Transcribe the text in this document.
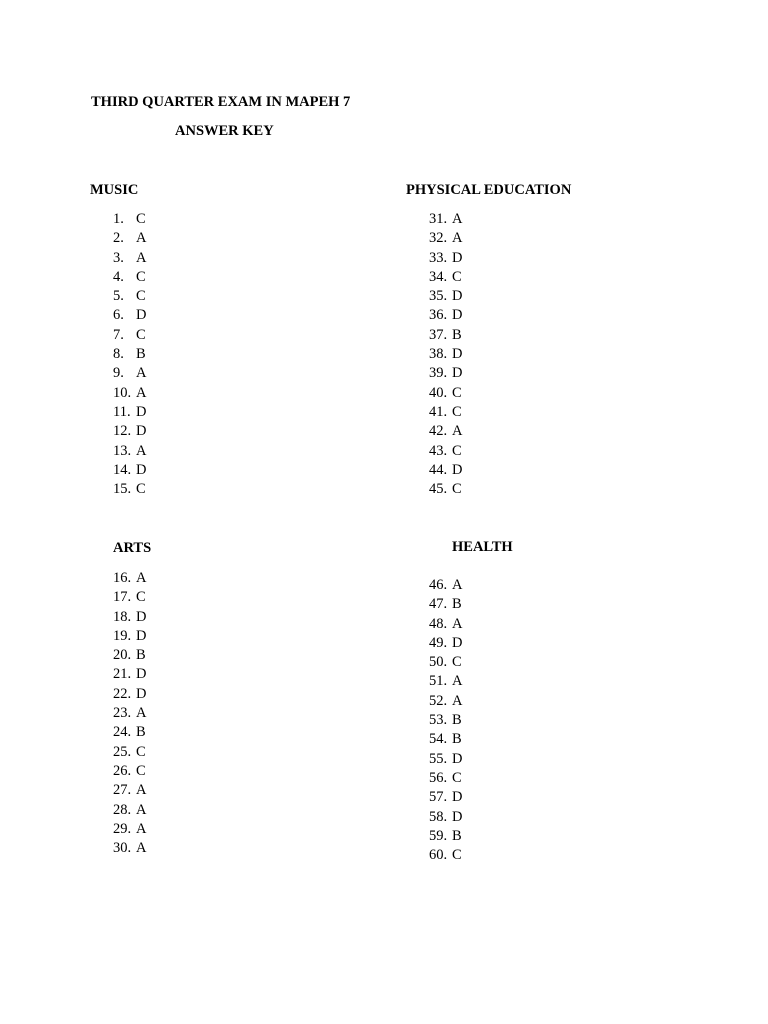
THIRD QUARTER EXAM IN MAPEH 7
ANSWER KEY
MUSIC
1. C
2. A
3. A
4. C
5. C
6. D
7. C
8. B
9. A
10. A
11. D
12. D
13. A
14. D
15. C
PHYSICAL EDUCATION
31. A
32. A
33. D
34. C
35. D
36. D
37. B
38. D
39. D
40. C
41. C
42. A
43. C
44. D
45. C
ARTS
16. A
17. C
18. D
19. D
20. B
21. D
22. D
23. A
24. B
25. C
26. C
27. A
28. A
29. A
30. A
HEALTH
46. A
47. B
48. A
49. D
50. C
51. A
52. A
53. B
54. B
55. D
56. C
57. D
58. D
59. B
60. C
